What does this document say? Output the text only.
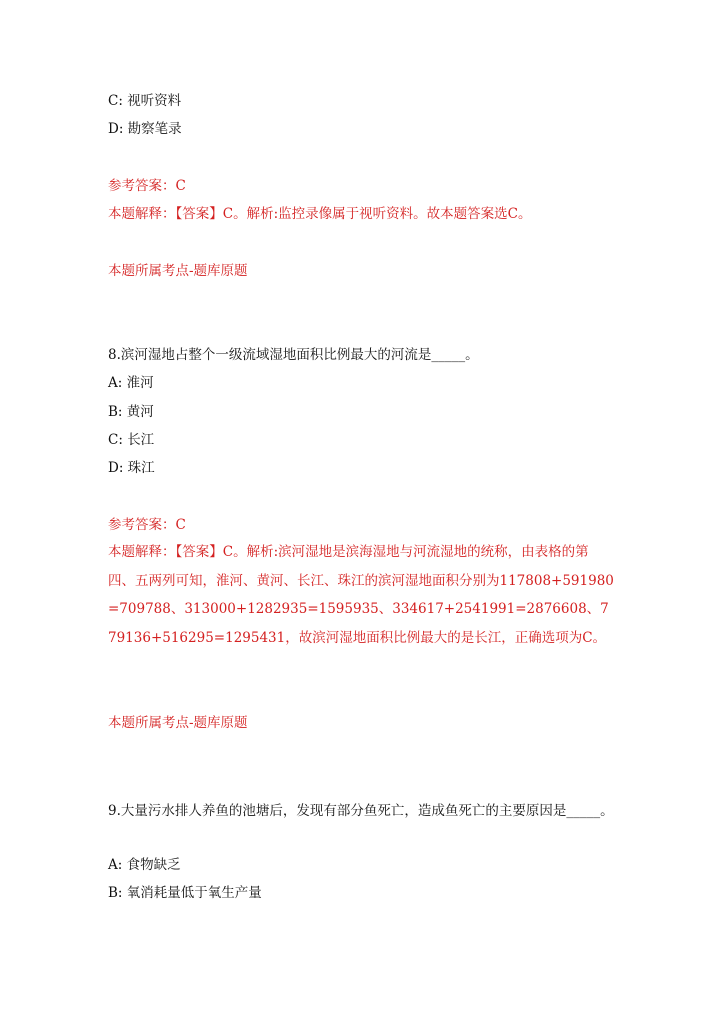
C: 视听资料
D: 勘察笔录
参考答案：C
本题解释：【答案】C。解析:监控录像属于视听资料。故本题答案选C。
本题所属考点-题库原题
8.滨河湿地占整个一级流域湿地面积比例最大的河流是_____。
A: 淮河
B: 黄河
C: 长江
D: 珠江
参考答案：C
本题解释：【答案】C。解析:滨河湿地是滨海湿地与河流湿地的统称，由表格的第四、五两列可知，淮河、黄河、长江、珠江的滨河湿地面积分别为117808+591980=709788、313000+1282935=1595935、334617+2541991=2876608、779136+516295=1295431，故滨河湿地面积比例最大的是长江，正确选项为C。
本题所属考点-题库原题
9.大量污水排人养鱼的池塘后，发现有部分鱼死亡，造成鱼死亡的主要原因是_____。
A: 食物缺乏
B: 氧消耗量低于氧生产量
